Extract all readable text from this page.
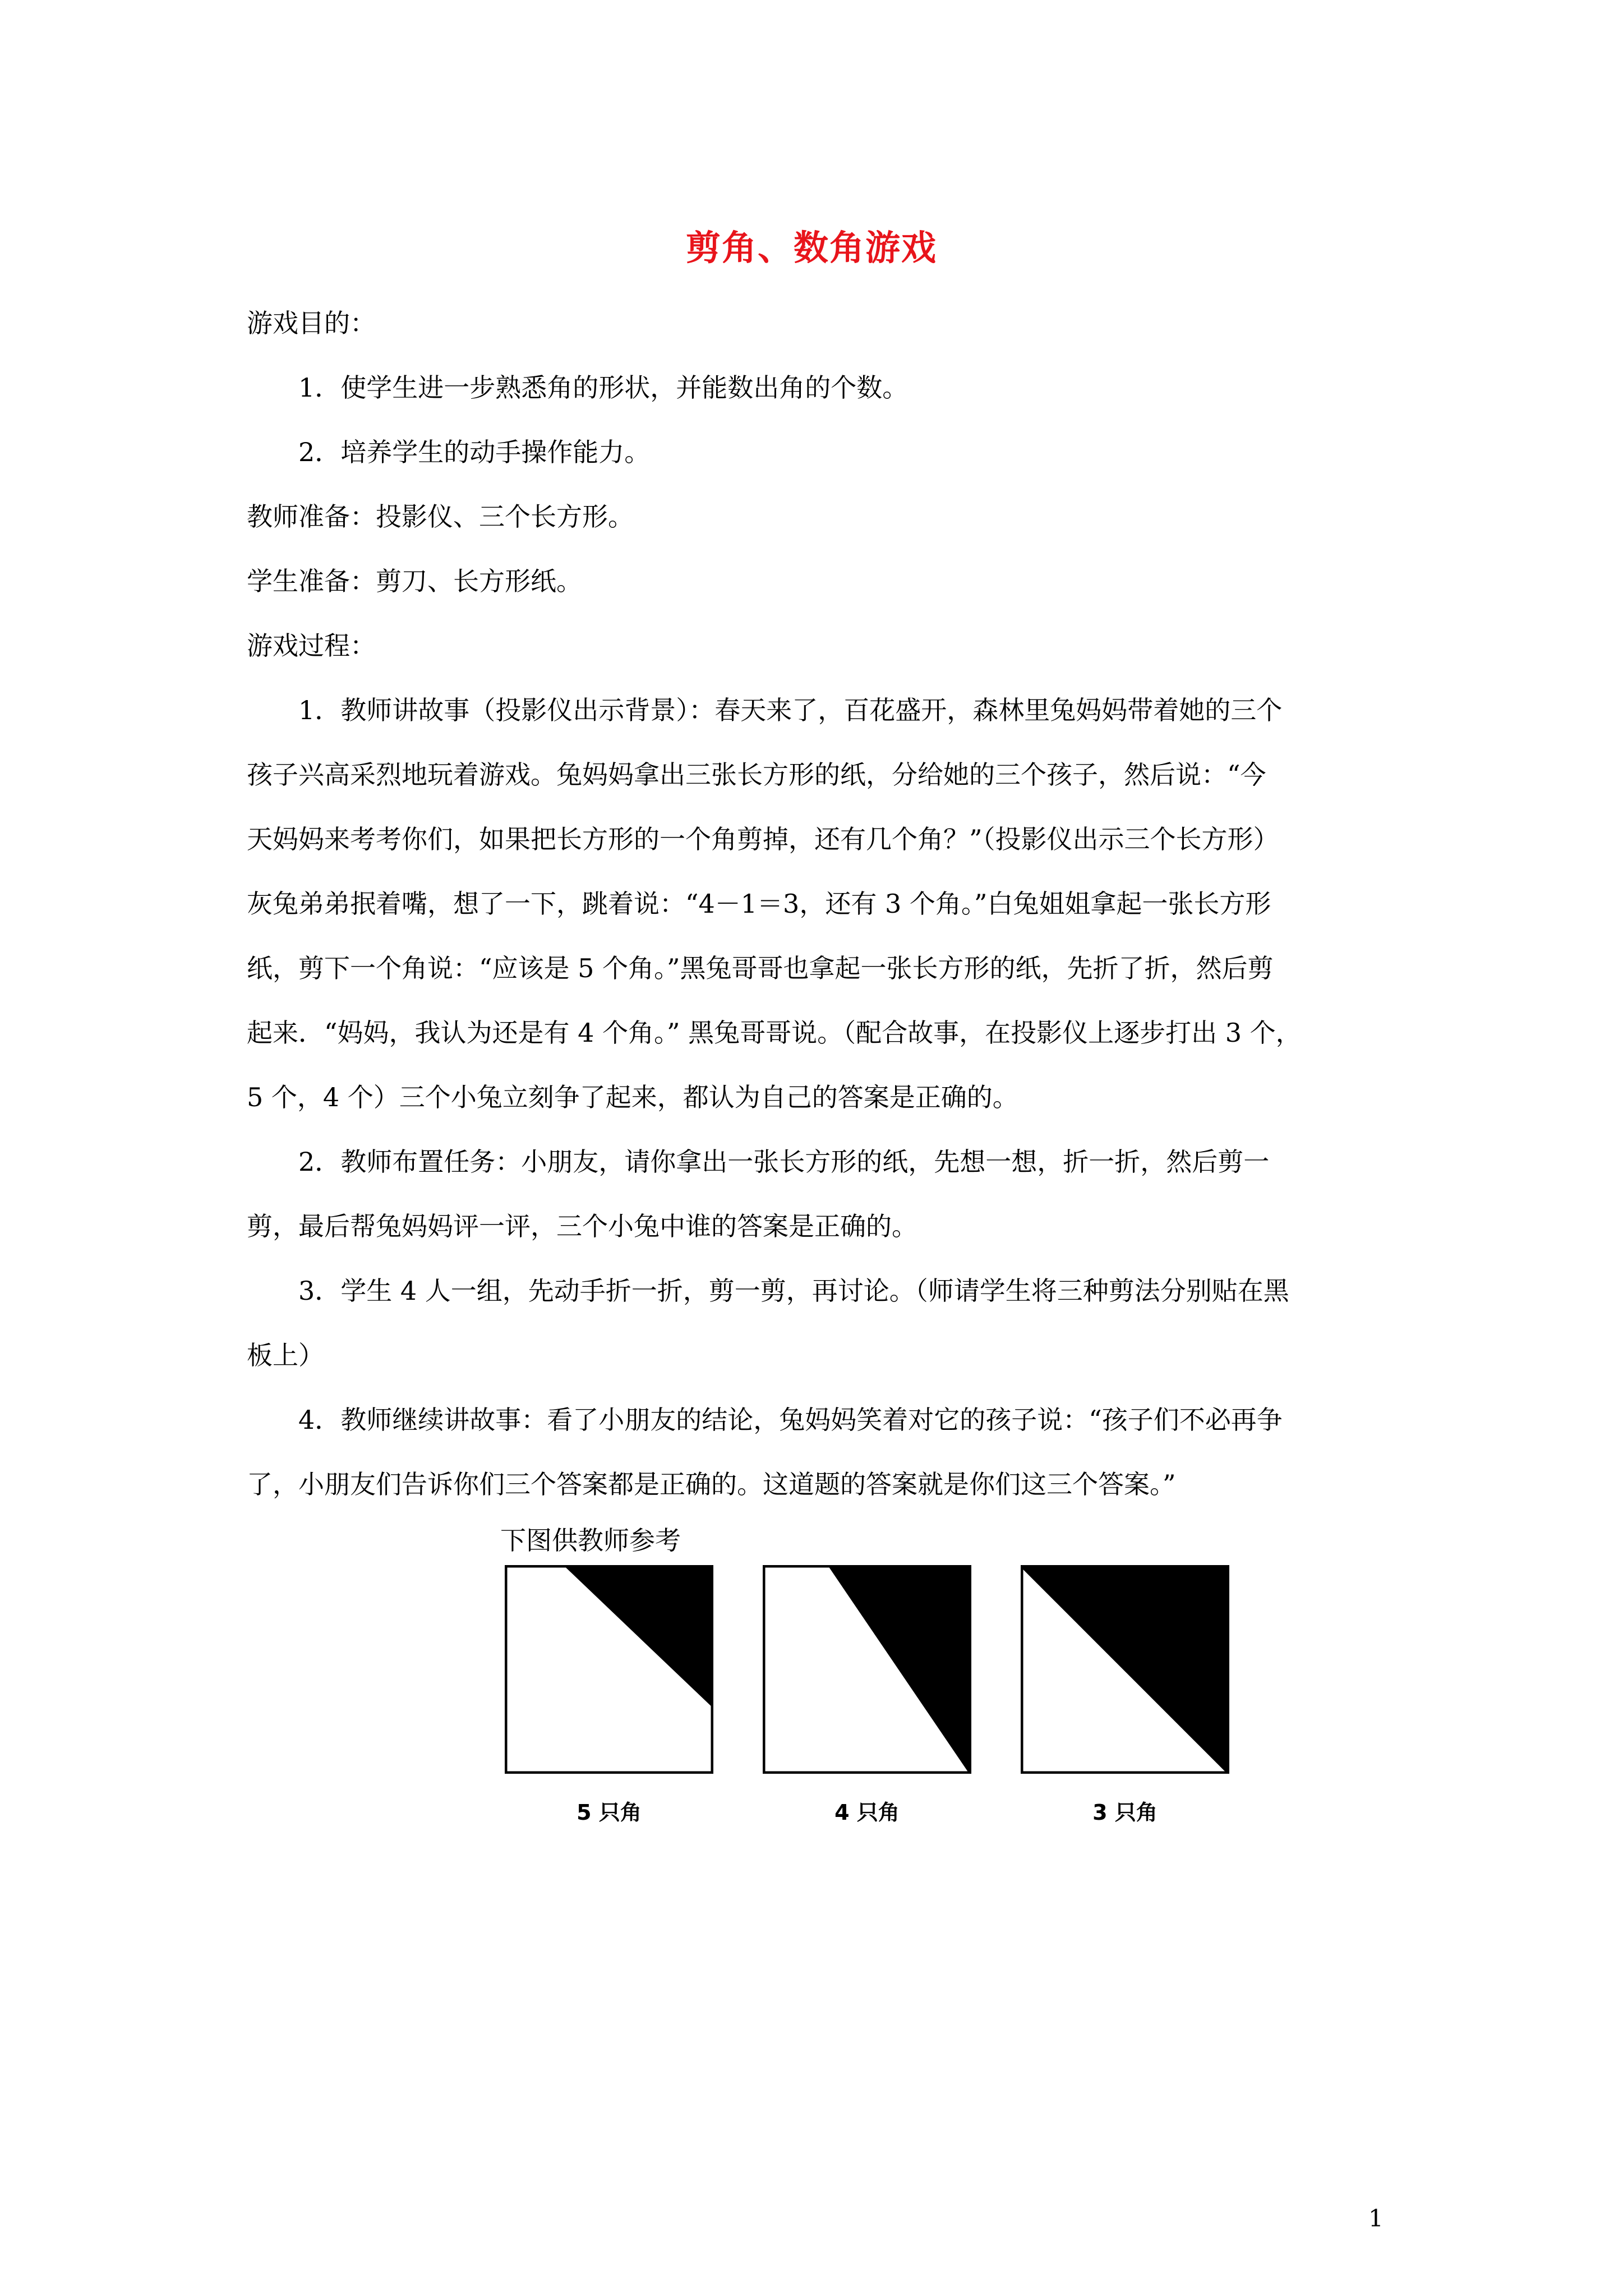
剪角、数角游戏
游戏目的：
1．使学生进一步熟悉角的形状，并能数出角的个数。
2．培养学生的动手操作能力。
教师准备：投影仪、三个长方形。
学生准备：剪刀、长方形纸。
游戏过程：
1．教师讲故事（投影仪出示背景）：春天来了，百花盛开，森林里兔妈妈带着她的三个
孩子兴高采烈地玩着游戏。兔妈妈拿出三张长方形的纸，分给她的三个孩子，然后说：“今
天妈妈来考考你们，如果把长方形的一个角剪掉，还有几个角？”（投影仪出示三个长方形）
灰兔弟弟抿着嘴，想了一下，跳着说：“4－1＝3，还有 3 个角。”白兔姐姐拿起一张长方形
纸，剪下一个角说：“应该是 5 个角。”黑兔哥哥也拿起一张长方形的纸，先折了折，然后剪
起来．“妈妈，我认为还是有 4 个角。” 黑兔哥哥说。（配合故事，在投影仪上逐步打出 3 个，
5 个，4 个）三个小兔立刻争了起来，都认为自己的答案是正确的。
2．教师布置任务：小朋友，请你拿出一张长方形的纸，先想一想，折一折，然后剪一
剪，最后帮兔妈妈评一评，三个小兔中谁的答案是正确的。
3．学生 4 人一组，先动手折一折，剪一剪，再讨论。（师请学生将三种剪法分别贴在黑
板上）
4．教师继续讲故事：看了小朋友的结论，兔妈妈笑着对它的孩子说：“孩子们不必再争
了，小朋友们告诉你们三个答案都是正确的。这道题的答案就是你们这三个答案。”
下图供教师参考
5 只角	4 只角	3 只角
1
